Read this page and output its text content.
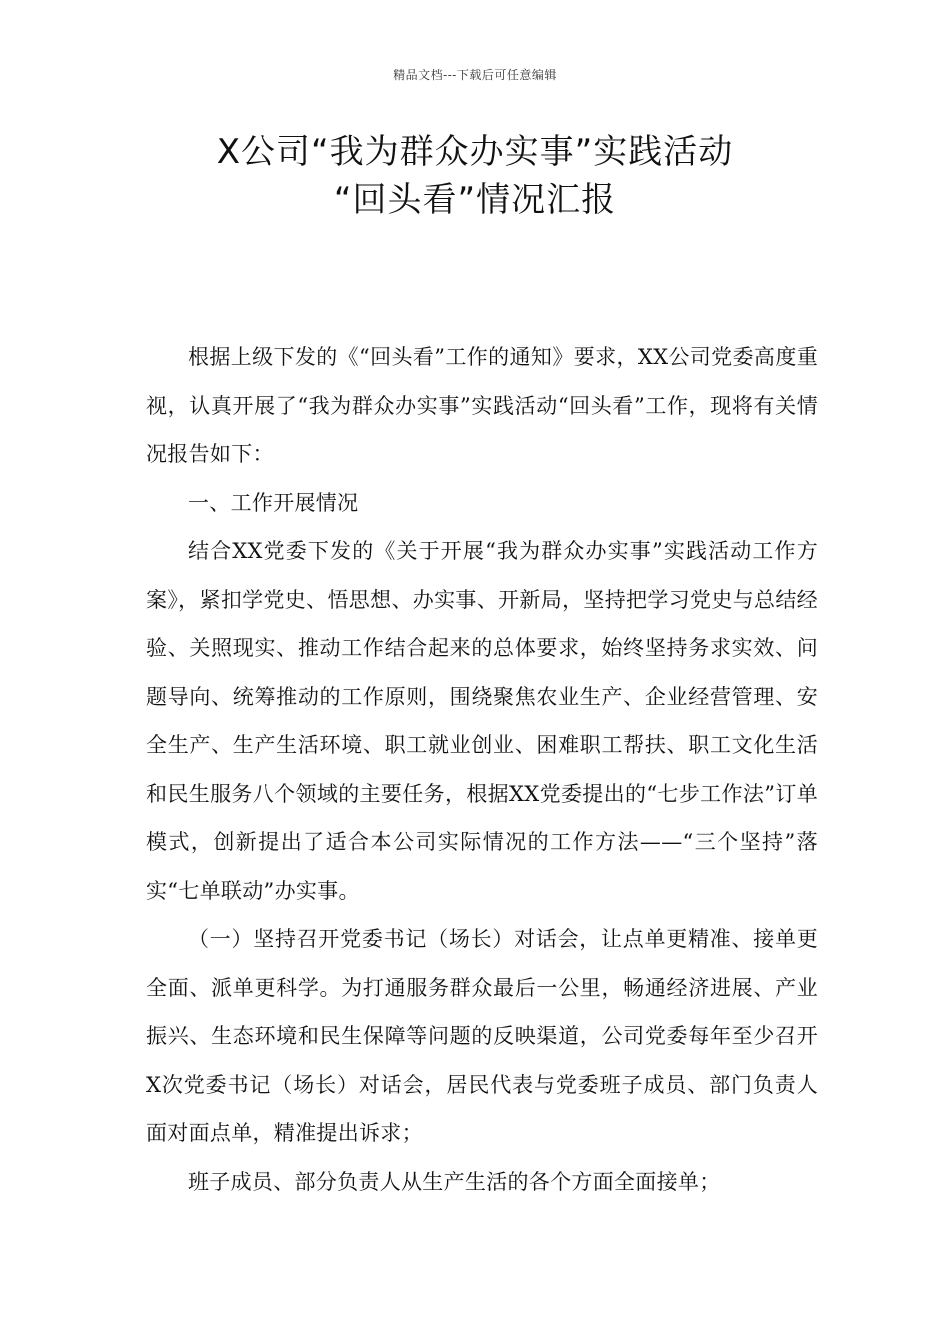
精品文档---下载后可任意编辑
X公司“我为群众办实事”实践活动
“回头看”情况汇报

根据上级下发的《“回头看”工作的通知》要求，XX公司党委高度重视，认真开展了“我为群众办实事”实践活动“回头看”工作，现将有关情况报告如下：

一、工作开展情况

结合XX党委下发的《关于开展“我为群众办实事”实践活动工作方案》，紧扣学党史、悟思想、办实事、开新局，坚持把学习党史与总结经验、关照现实、推动工作结合起来的总体要求，始终坚持务求实效、问题导向、统筹推动的工作原则，围绕聚焦农业生产、企业经营管理、安全生产、生产生活环境、职工就业创业、困难职工帮扶、职工文化生活和民生服务八个领域的主要任务，根据XX党委提出的“七步工作法”订单模式，创新提出了适合本公司实际情况的工作方法——“三个坚持”落实“七单联动”办实事。

（一）坚持召开党委书记（场长）对话会，让点单更精准、接单更全面、派单更科学。为打通服务群众最后一公里，畅通经济进展、产业振兴、生态环境和民生保障等问题的反映渠道，公司党委每年至少召开X次党委书记（场长）对话会，居民代表与党委班子成员、部门负责人面对面点单，精准提出诉求；

班子成员、部分负责人从生产生活的各个方面全面接单；
